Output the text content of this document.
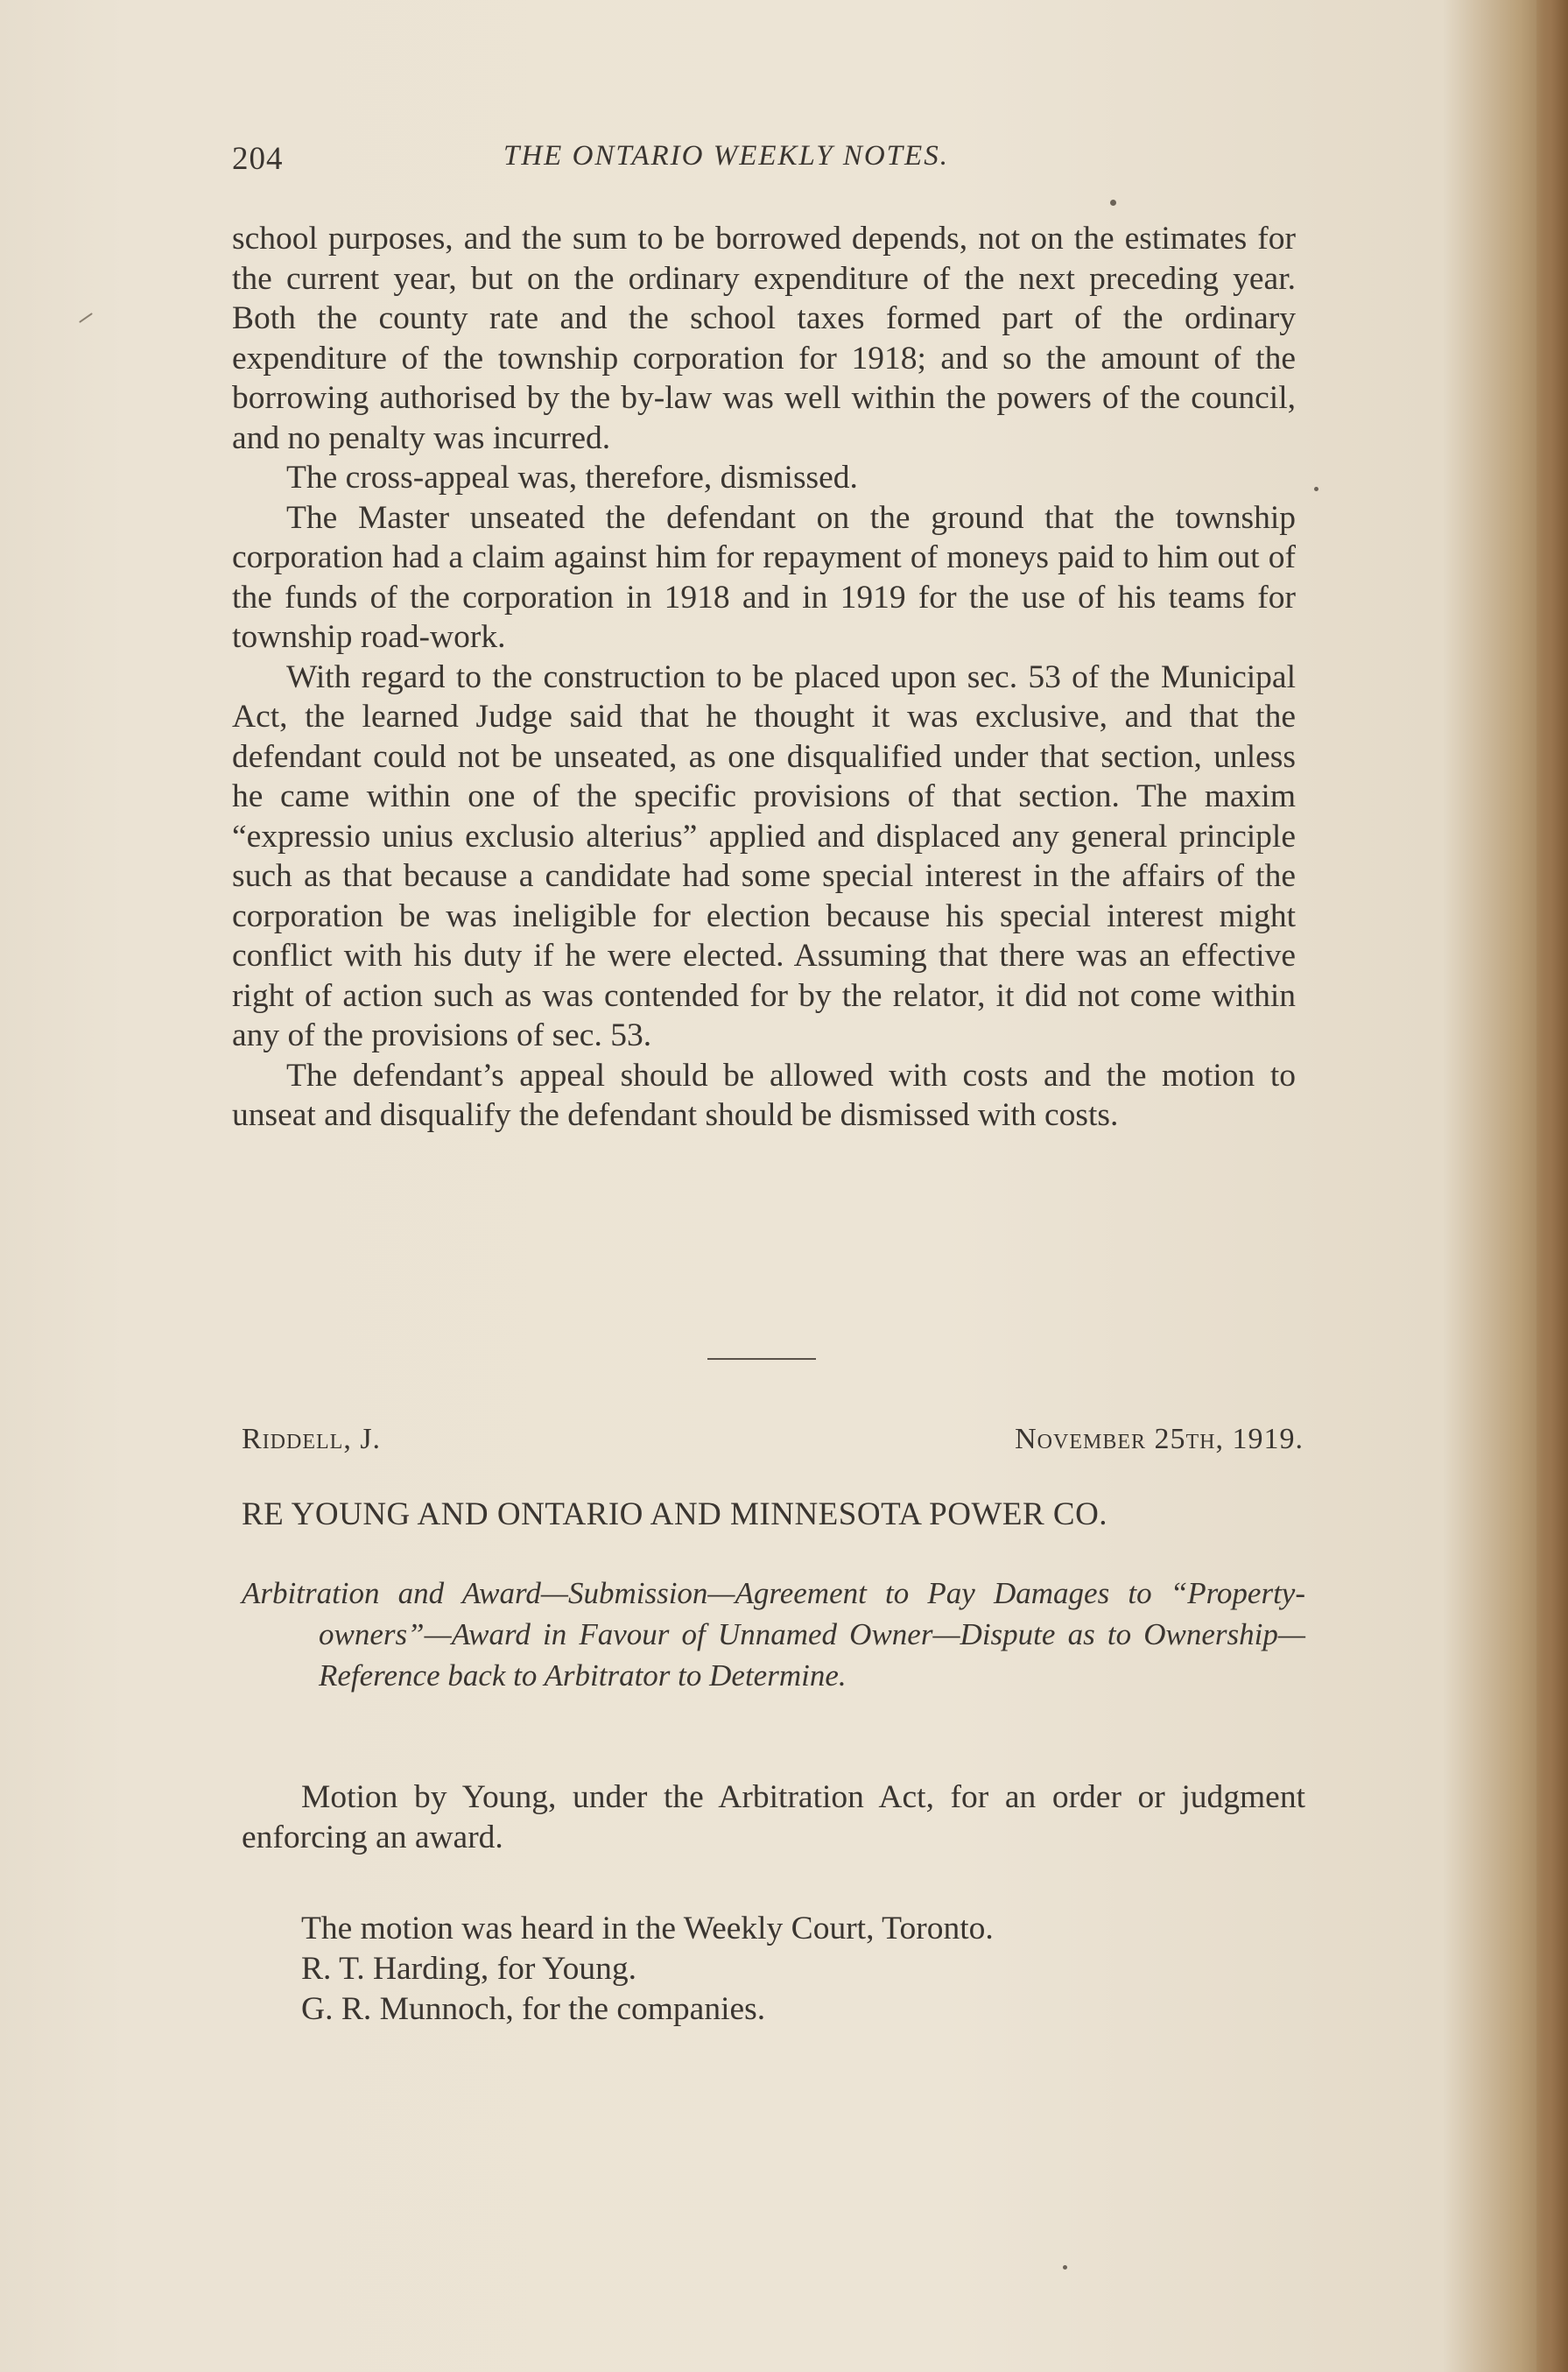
204	THE ONTARIO WEEKLY NOTES.

school purposes, and the sum to be borrowed depends, not on the estimates for the current year, but on the ordinary expenditure of the next preceding year. Both the county rate and the school taxes formed part of the ordinary expenditure of the township corporation for 1918; and so the amount of the borrowing authorised by the by-law was well within the powers of the council, and no penalty was incurred.

The cross-appeal was, therefore, dismissed.

The Master unseated the defendant on the ground that the township corporation had a claim against him for repayment of moneys paid to him out of the funds of the corporation in 1918 and in 1919 for the use of his teams for township road-work.

With regard to the construction to be placed upon sec. 53 of the Municipal Act, the learned Judge said that he thought it was exclusive, and that the defendant could not be unseated, as one disqualified under that section, unless he came within one of the specific provisions of that section. The maxim “expressio unius exclusio alterius” applied and displaced any general principle such as that because a candidate had some special interest in the affairs of the corporation be was ineligible for election because his special interest might conflict with his duty if he were elected. Assuming that there was an effective right of action such as was contended for by the relator, it did not come within any of the provisions of sec. 53.

The defendant’s appeal should be allowed with costs and the motion to unseat and disqualify the defendant should be dismissed with costs.

Riddell, J.	November 25th, 1919.
RE YOUNG AND ONTARIO AND MINNESOTA POWER CO.
Arbitration and Award—Submission—Agreement to Pay Damages to “Property-owners”—Award in Favour of Unnamed Owner—Dispute as to Ownership—Reference back to Arbitrator to Determine.

Motion by Young, under the Arbitration Act, for an order or judgment enforcing an award.

The motion was heard in the Weekly Court, Toronto.
R. T. Harding, for Young.
G. R. Munnoch, for the companies.
